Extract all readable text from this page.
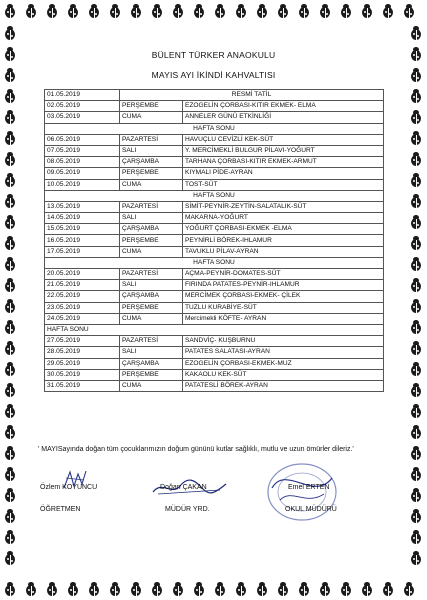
BÜLENT TÜRKER ANAOKULU
MAYIS AYI İKİNDİ KAHVALTISI
01.05.2019	RESMİ TATİL	
02.05.2019	PERŞEMBE	EZOGELİN ÇORBASI-KITIR EKMEK- ELMA
03.05.2019	CUMA	ANNELER GÜNÜ ETKİNLİĞİ
HAFTA SONU		
06.05.2019	PAZARTESİ	HAVUÇLU CEVİZLİ KEK-SÜT
07.05.2019	SALI	Y. MERCİMEKLİ BULGUR PİLAVI-YOĞURT
08.05.2019	ÇARŞAMBA	TARHANA ÇORBASI-KITIR EKMEK-ARMUT
09.05.2019	PERŞEMBE	KIYMALI PİDE-AYRAN
10.05.2019	CUMA	TOST-SÜT
HAFTA SONU		
13.05.2019	PAZARTESİ	SİMİT-PEYNİR-ZEYTİN-SALATALIK-SÜT
14.05.2019	SALI	MAKARNA-YOĞURT
15.05.2019	ÇARŞAMBA	YOĞURT ÇORBASI-EKMEK -ELMA
16.05.2019	PERŞEMBE	PEYNİRLİ BÖREK-IHLAMUR
17.05.2019	CUMA	TAVUKLU PİLAV-AYRAN
HAFTA SONU		
20.05.2019	PAZARTESİ	AÇMA-PEYNİR-DOMATES-SÜT
21.05.2019	SALI	FIRINDA PATATES-PEYNİR-IHLAMUR
22.05.2019	ÇARŞAMBA	MERCİMEK ÇORBASI-EKMEK- ÇİLEK
23.05.2019	PERŞEMBE	TUZLU KURABİYE-SÜT
24.05.2019	CUMA	Mercimekli KÖFTE- AYRAN
HAFTA SONU		
27.05.2019	PAZARTESİ	SANDVİÇ- KUŞBURNU
28.05.2019	SALI	PATATES SALATASI-AYRAN
29.05.2019	ÇARŞAMBA	EZOGELİN ÇORBASI-EKMEK-MUZ
30.05.2019	PERŞEMBE	KAKAOLU KEK-SÜT
31.05.2019	CUMA	PATATESLİ BÖREK-AYRAN
' MAYISayında doğan tüm çocuklarımızın doğum gününü kutlar sağlıklı, mutlu ve uzun ömürler dileriz.'
Özlem KOYUNCU	Doğan ÇAKAN	Emel ERTEN
ÖĞRETMEN	MÜDÜR YRD.	OKUL MÜDÜRÜ
